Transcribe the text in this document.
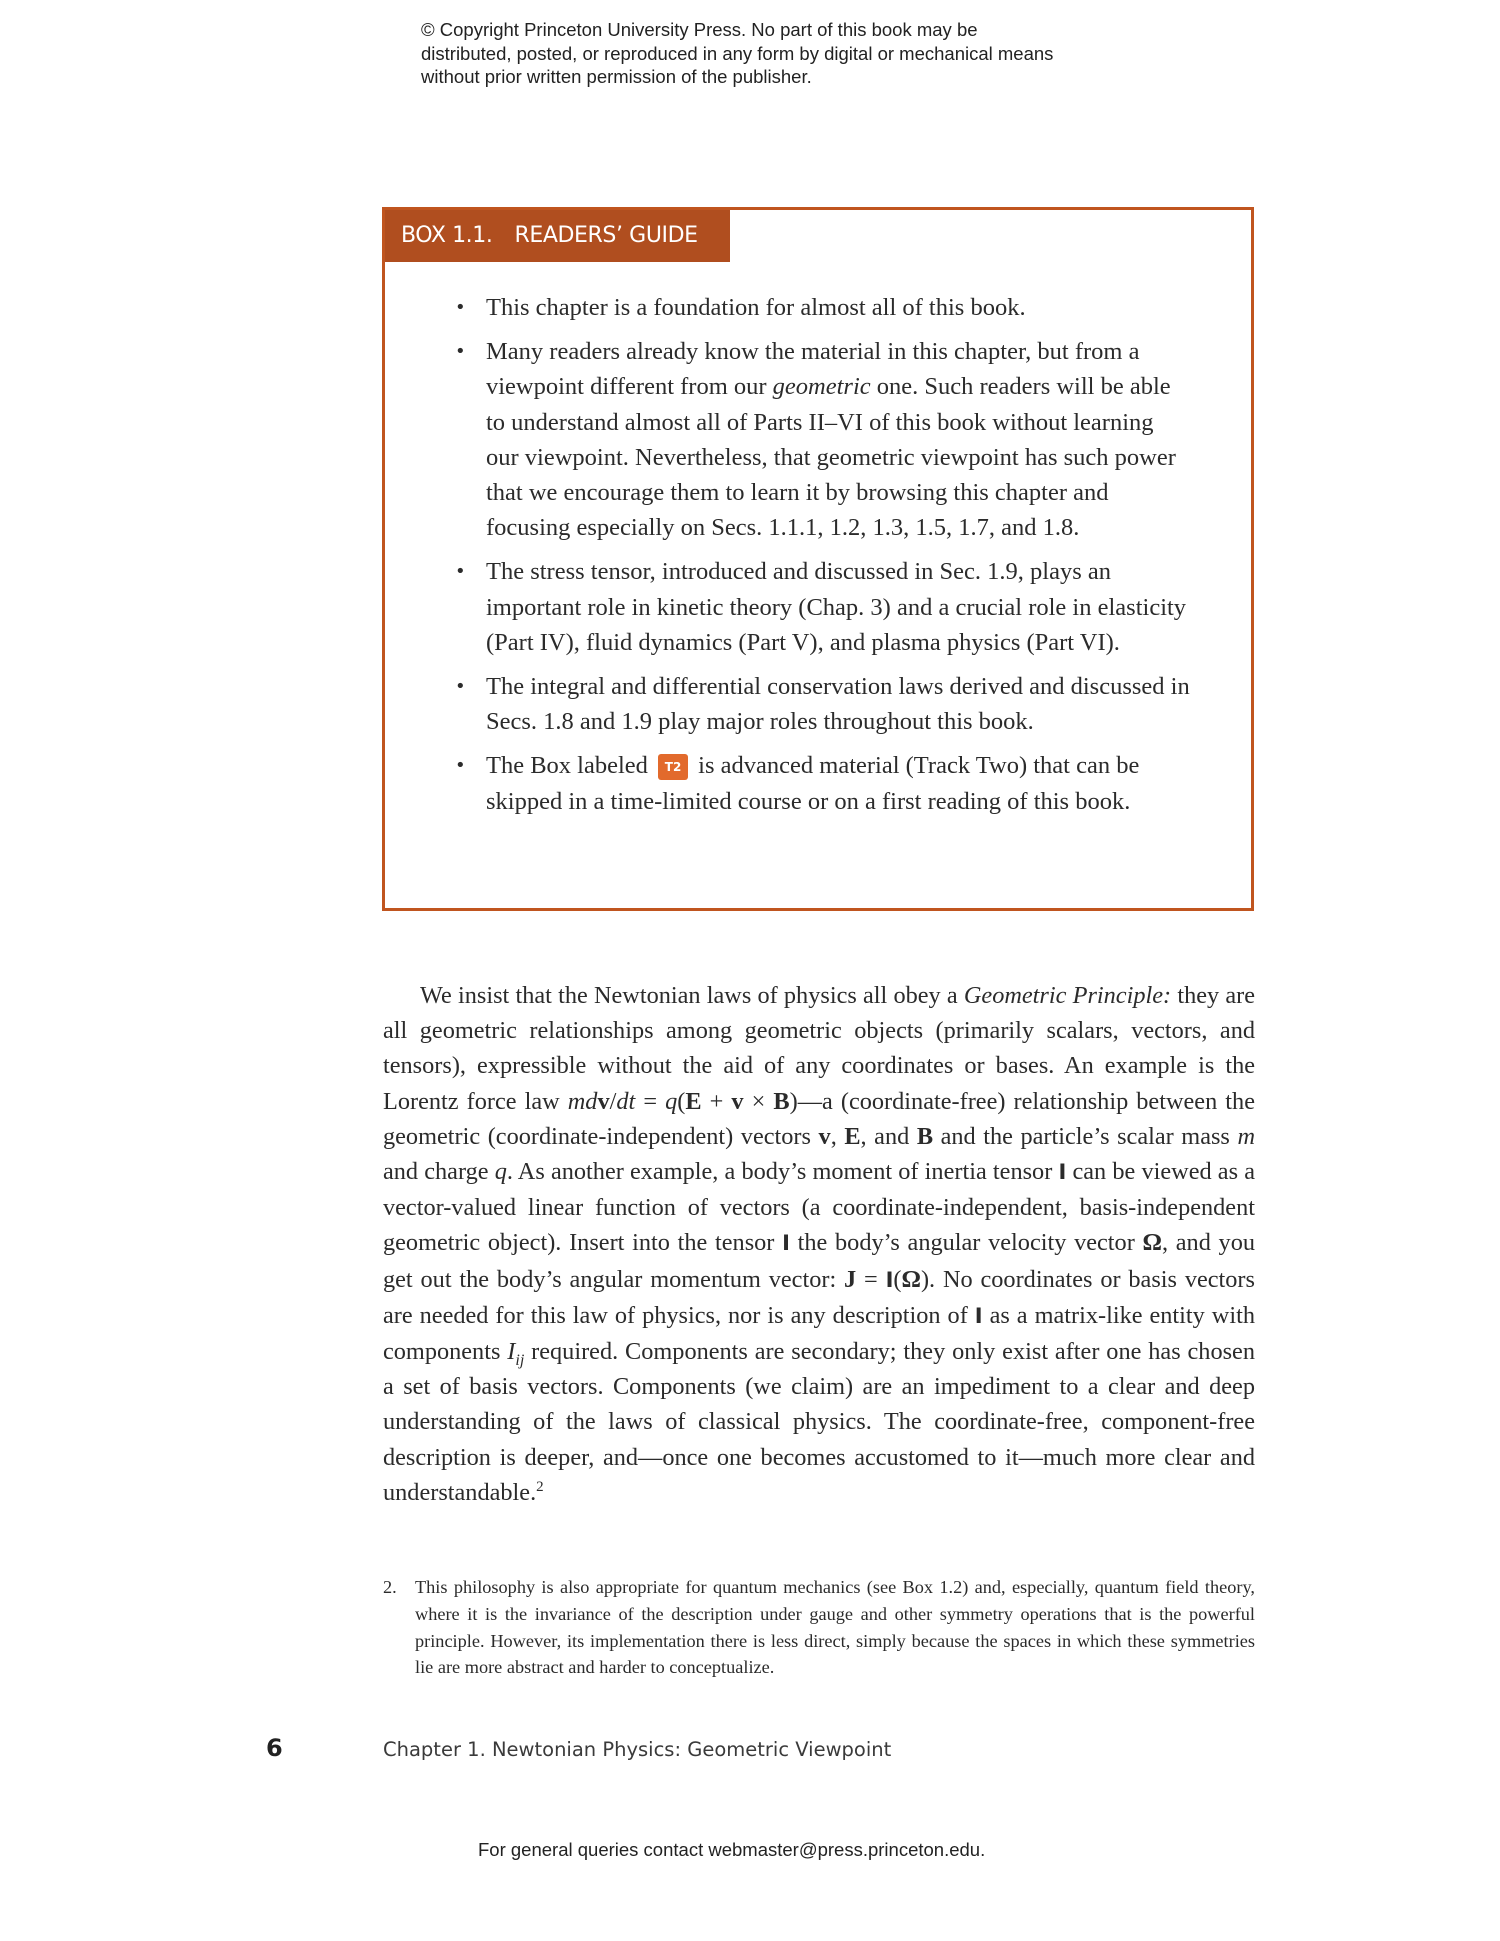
© Copyright Princeton University Press. No part of this book may be distributed, posted, or reproduced in any form by digital or mechanical means without prior written permission of the publisher.
BOX 1.1. READERS’ GUIDE
• This chapter is a foundation for almost all of this book.
• Many readers already know the material in this chapter, but from a viewpoint different from our geometric one. Such readers will be able to understand almost all of Parts II–VI of this book without learning our viewpoint. Nevertheless, that geometric viewpoint has such power that we encourage them to learn it by browsing this chapter and focusing especially on Secs. 1.1.1, 1.2, 1.3, 1.5, 1.7, and 1.8.
• The stress tensor, introduced and discussed in Sec. 1.9, plays an important role in kinetic theory (Chap. 3) and a crucial role in elasticity (Part IV), fluid dynamics (Part V), and plasma physics (Part VI).
• The integral and differential conservation laws derived and discussed in Secs. 1.8 and 1.9 play major roles throughout this book.
• The Box labeled T2 is advanced material (Track Two) that can be skipped in a time-limited course or on a first reading of this book.

We insist that the Newtonian laws of physics all obey a Geometric Principle: they are all geometric relationships among geometric objects (primarily scalars, vectors, and tensors), expressible without the aid of any coordinates or bases. An example is the Lorentz force law mdv/dt = q(E + v × B)—a (coordinate-free) relationship between the geometric (coordinate-independent) vectors v, E, and B and the particle’s scalar mass m and charge q. As another example, a body’s moment of inertia tensor I can be viewed as a vector-valued linear function of vectors (a coordinate-independent, basis-independent geometric object). Insert into the tensor I the body’s angular velocity vector Ω, and you get out the body’s angular momentum vector: J = I(Ω). No coordinates or basis vectors are needed for this law of physics, nor is any description of I as a matrix-like entity with components $I_{ij}$ required. Components are secondary; they only exist after one has chosen a set of basis vectors. Components (we claim) are an impediment to a clear and deep understanding of the laws of classical physics. The coordinate-free, component-free description is deeper, and—once one becomes accustomed to it—much more clear and understandable.$^2$

2. This philosophy is also appropriate for quantum mechanics (see Box 1.2) and, especially, quantum field theory, where it is the invariance of the description under gauge and other symmetry operations that is the powerful principle. However, its implementation there is less direct, simply because the spaces in which these symmetries lie are more abstract and harder to conceptualize.
6	Chapter 1. Newtonian Physics: Geometric Viewpoint
For general queries contact webmaster@press.princeton.edu.
